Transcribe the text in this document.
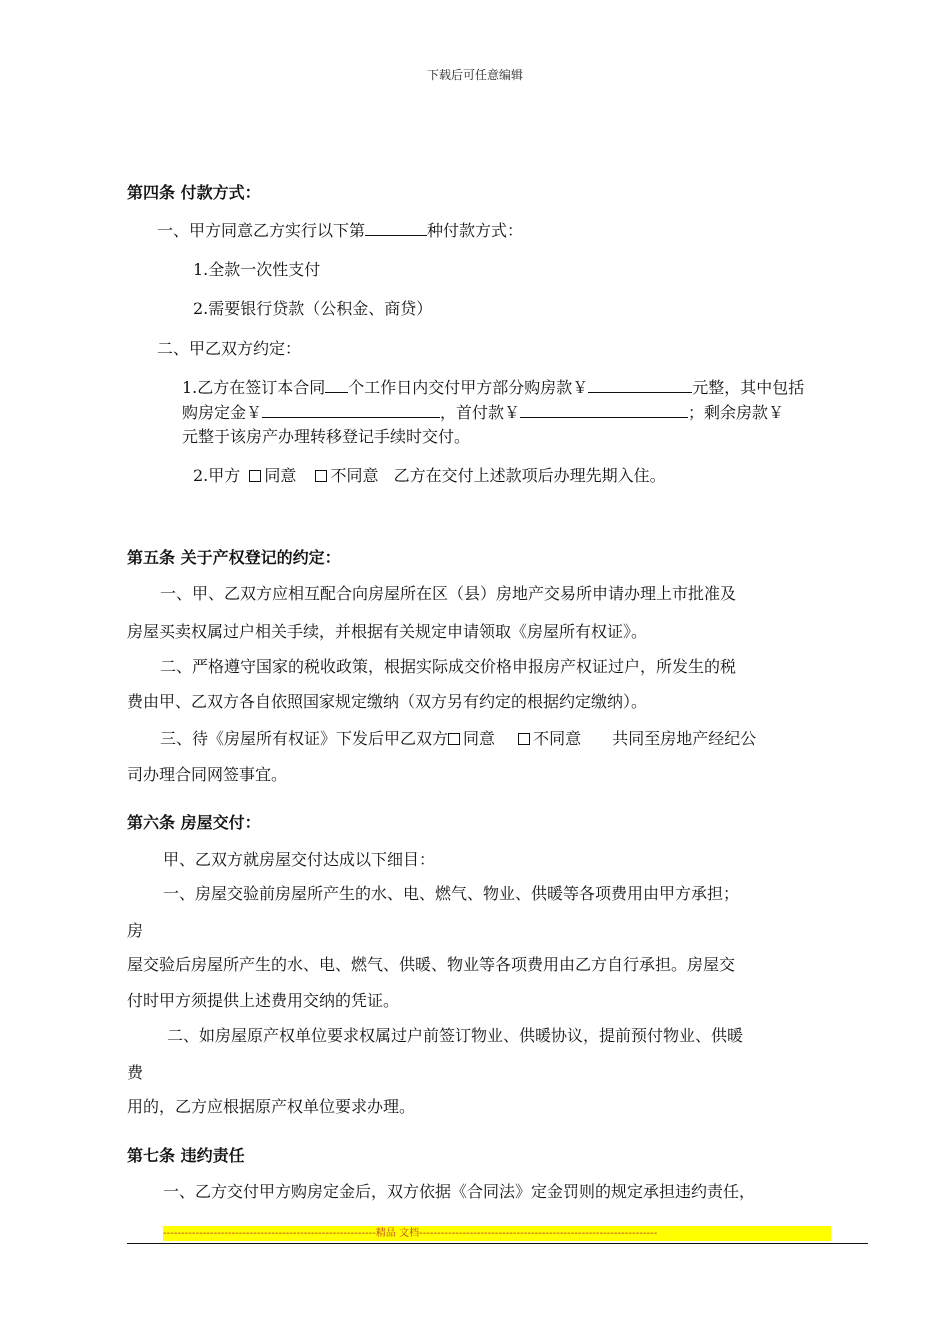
下载后可任意编辑
第四条 付款方式：
一、甲方同意乙方实行以下第	种付款方式：
1.全款一次性支付
2.需要银行贷款（公积金、商贷）
二、甲乙双方约定：
1.乙方在签订本合同 个工作日内交付甲方部分购房款￥	元整，其中包括
购房定金￥	，首付款￥	；剩余房款￥
元整于该房产办理转移登记手续时交付。
2.甲方 同意 不同意 乙方在交付上述款项后办理先期入住。
第五条 关于产权登记的约定：
一、甲、乙双方应相互配合向房屋所在区（县）房地产交易所申请办理上市批准及
房屋买卖权属过户相关手续，并根据有关规定申请领取《房屋所有权证》。
二、严格遵守国家的税收政策，根据实际成交价格申报房产权证过户，所发生的税
费由甲、乙双方各自依照国家规定缴纳（双方另有约定的根据约定缴纳）。
三、待《房屋所有权证》下发后甲乙双方 同意 不同意 共同至房地产经纪公
司办理合同网签事宜。
第六条 房屋交付：
甲、乙双方就房屋交付达成以下细目：
一、房屋交验前房屋所产生的水、电、燃气、物业、供暖等各项费用由甲方承担；
房
屋交验后房屋所产生的水、电、燃气、供暖、物业等各项费用由乙方自行承担。房屋交
付时甲方须提供上述费用交纳的凭证。
二、如房屋原产权单位要求权属过户前签订物业、供暖协议，提前预付物业、供暖
费
用的，乙方应根据原产权单位要求办理。
第七条 违约责任
一、乙方交付甲方购房定金后，双方依据《合同法》定金罚则的规定承担违约责任，
-----------------------------------------------------------精品 文档------------------------------------------------------------------
